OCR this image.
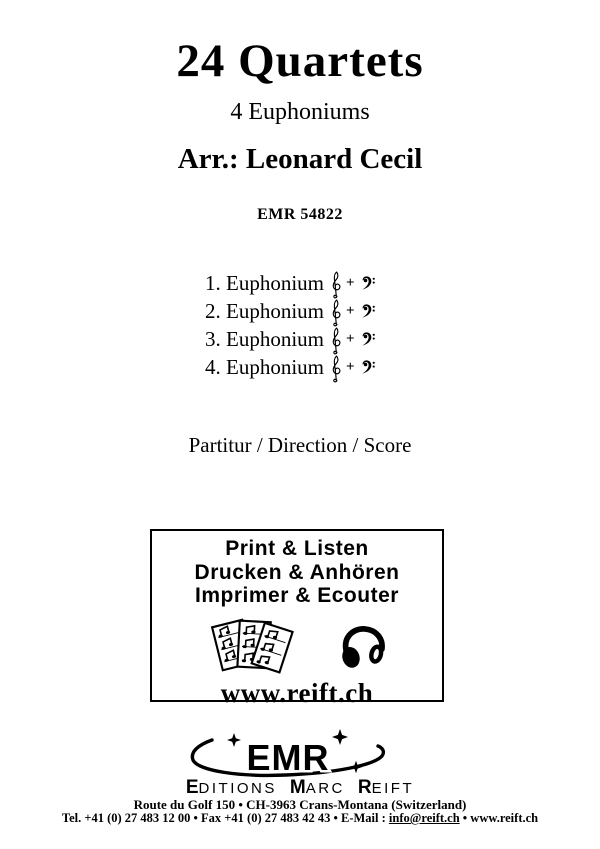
24 Quartets
4 Euphoniums
Arr.: Leonard Cecil
EMR 54822
1. Euphonium +
2. Euphonium +
3. Euphonium +
4. Euphonium +
Partitur / Direction / Score
Print & Listen
Drucken & Anhören
Imprimer & Ecouter
www.reift.ch
EMR
E DITIONS M ARC R EIFT
Route du Golf 150 • CH-3963 Crans-Montana (Switzerland)
Tel. +41 (0) 27 483 12 00 • Fax +41 (0) 27 483 42 43 • E-Mail : info@reift.ch • www.reift.ch
